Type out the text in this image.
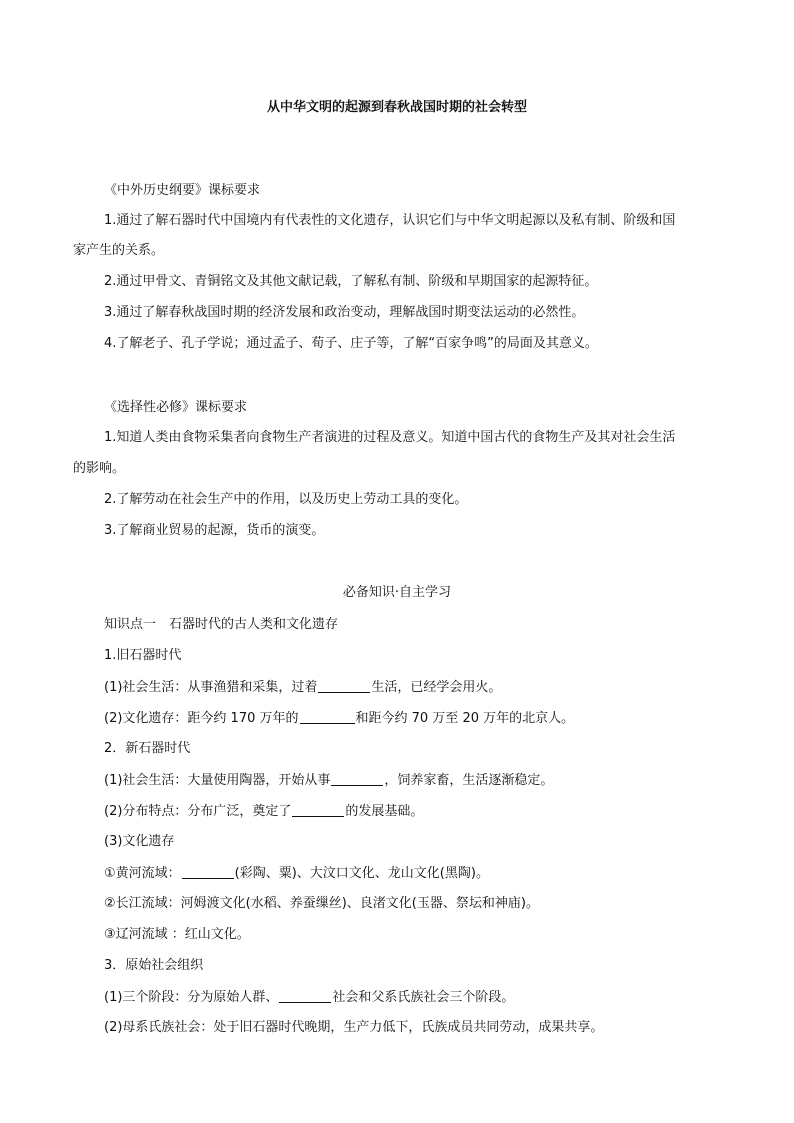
从中华文明的起源到春秋战国时期的社会转型
《中外历史纲要》课标要求
1.通过了解石器时代中国境内有代表性的文化遗存，认识它们与中华文明起源以及私有制、阶级和国
家产生的关系。
2.通过甲骨文、青铜铭文及其他文献记载，了解私有制、阶级和早期国家的起源特征。
3.通过了解春秋战国时期的经济发展和政治变动，理解战国时期变法运动的必然性。
4.了解老子、孔子学说；通过孟子、荀子、庄子等，了解“百家争鸣”的局面及其意义。
《选择性必修》课标要求
1.知道人类由食物采集者向食物生产者演进的过程及意义。知道中国古代的食物生产及其对社会生活
的影响。
2.了解劳动在社会生产中的作用，以及历史上劳动工具的变化。
3.了解商业贸易的起源，货币的演变。
必备知识·自主学习
知识点一　石器时代的古人类和文化遗存
1.旧石器时代
(1)社会生活：从事渔猎和采集，过着	生活，已经学会用火。
(2)文化遗存：距今约 170 万年的	和距今约 70 万至 20 万年的北京人。
2．新石器时代
(1)社会生活：大量使用陶器，开始从事	，饲养家畜，生活逐渐稳定。
(2)分布特点：分布广泛，奠定了	的发展基础。
(3)文化遗存
①黄河流域：	(彩陶、粟)、大汶口文化、龙山文化(黑陶)。
②长江流域：河姆渡文化(水稻、养蚕缫丝)、良渚文化(玉器、祭坛和神庙)。
③辽河流域 ：红山文化。
3．原始社会组织
(1)三个阶段：分为原始人群、	社会和父系氏族社会三个阶段。
(2)母系氏族社会：处于旧石器时代晚期，生产力低下，氏族成员共同劳动，成果共享。
